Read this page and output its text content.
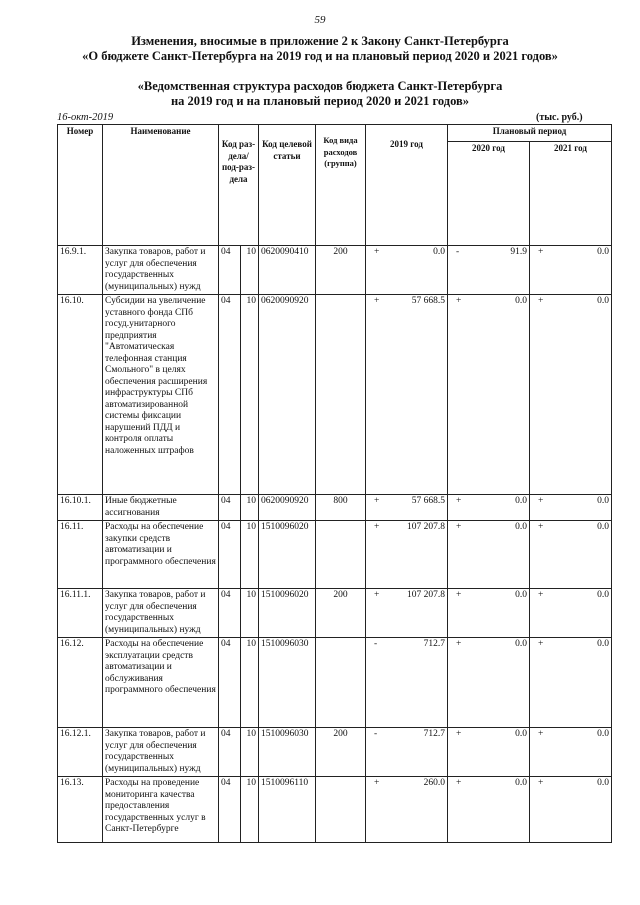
59
Изменения, вносимые в приложение 2 к Закону Санкт-Петербурга
«О бюджете Санкт-Петербурга на 2019 год и на плановый период 2020 и 2021 годов»
«Ведомственная структура расходов бюджета Санкт-Петербурга
на 2019 год и на плановый период 2020 и 2021 годов»
16-окт-2019	(тыс. руб.)
Номер	Наименование	Код раз-дела/ под-раз-дела		Код целевой статьи	Код вида расходов (группа)	2019 год	Плановый период	
							2020 год	2021 год
16.9.1.	Закупка товаров, работ и услуг для обеспечения государственных (муниципальных) нужд	04	10	0620090410	200	+ 0.0	- 91.9	+ 0.0

16.10.	Субсидии на увеличение уставного фонда СПб госуд.унитарного предприятия "Автоматическая телефонная станция Смольного" в целях обеспечения расширения инфраструктуры СПб автоматизированной системы фиксации нарушений ПДД и контроля оплаты наложенных штрафов	04	10	0620090920		+ 57 668.5	+ 0.0	+ 0.0

16.10.1.	Иные бюджетные ассигнования	04	10	0620090920	800	+ 57 668.5	+ 0.0	+ 0.0

16.11.	Расходы на обеспечение закупки средств автоматизации и программного обеспечения	04	10	1510096020		+ 107 207.8	+ 0.0	+ 0.0

16.11.1.	Закупка товаров, работ и услуг для обеспечения государственных (муниципальных) нужд	04	10	1510096020	200	+ 107 207.8	+ 0.0	+ 0.0

16.12.	Расходы на обеспечение эксплуатации средств автоматизации и обслуживания программного обеспечения	04	10	1510096030		- 712.7	+ 0.0	+ 0.0

16.12.1.	Закупка товаров, работ и услуг для обеспечения государственных (муниципальных) нужд	04	10	1510096030	200	- 712.7	+ 0.0	+ 0.0

16.13.	Расходы на проведение мониторинга качества предоставления государственных услуг в Санкт-Петербурге	04	10	1510096110		+ 260.0	+ 0.0	+ 0.0
